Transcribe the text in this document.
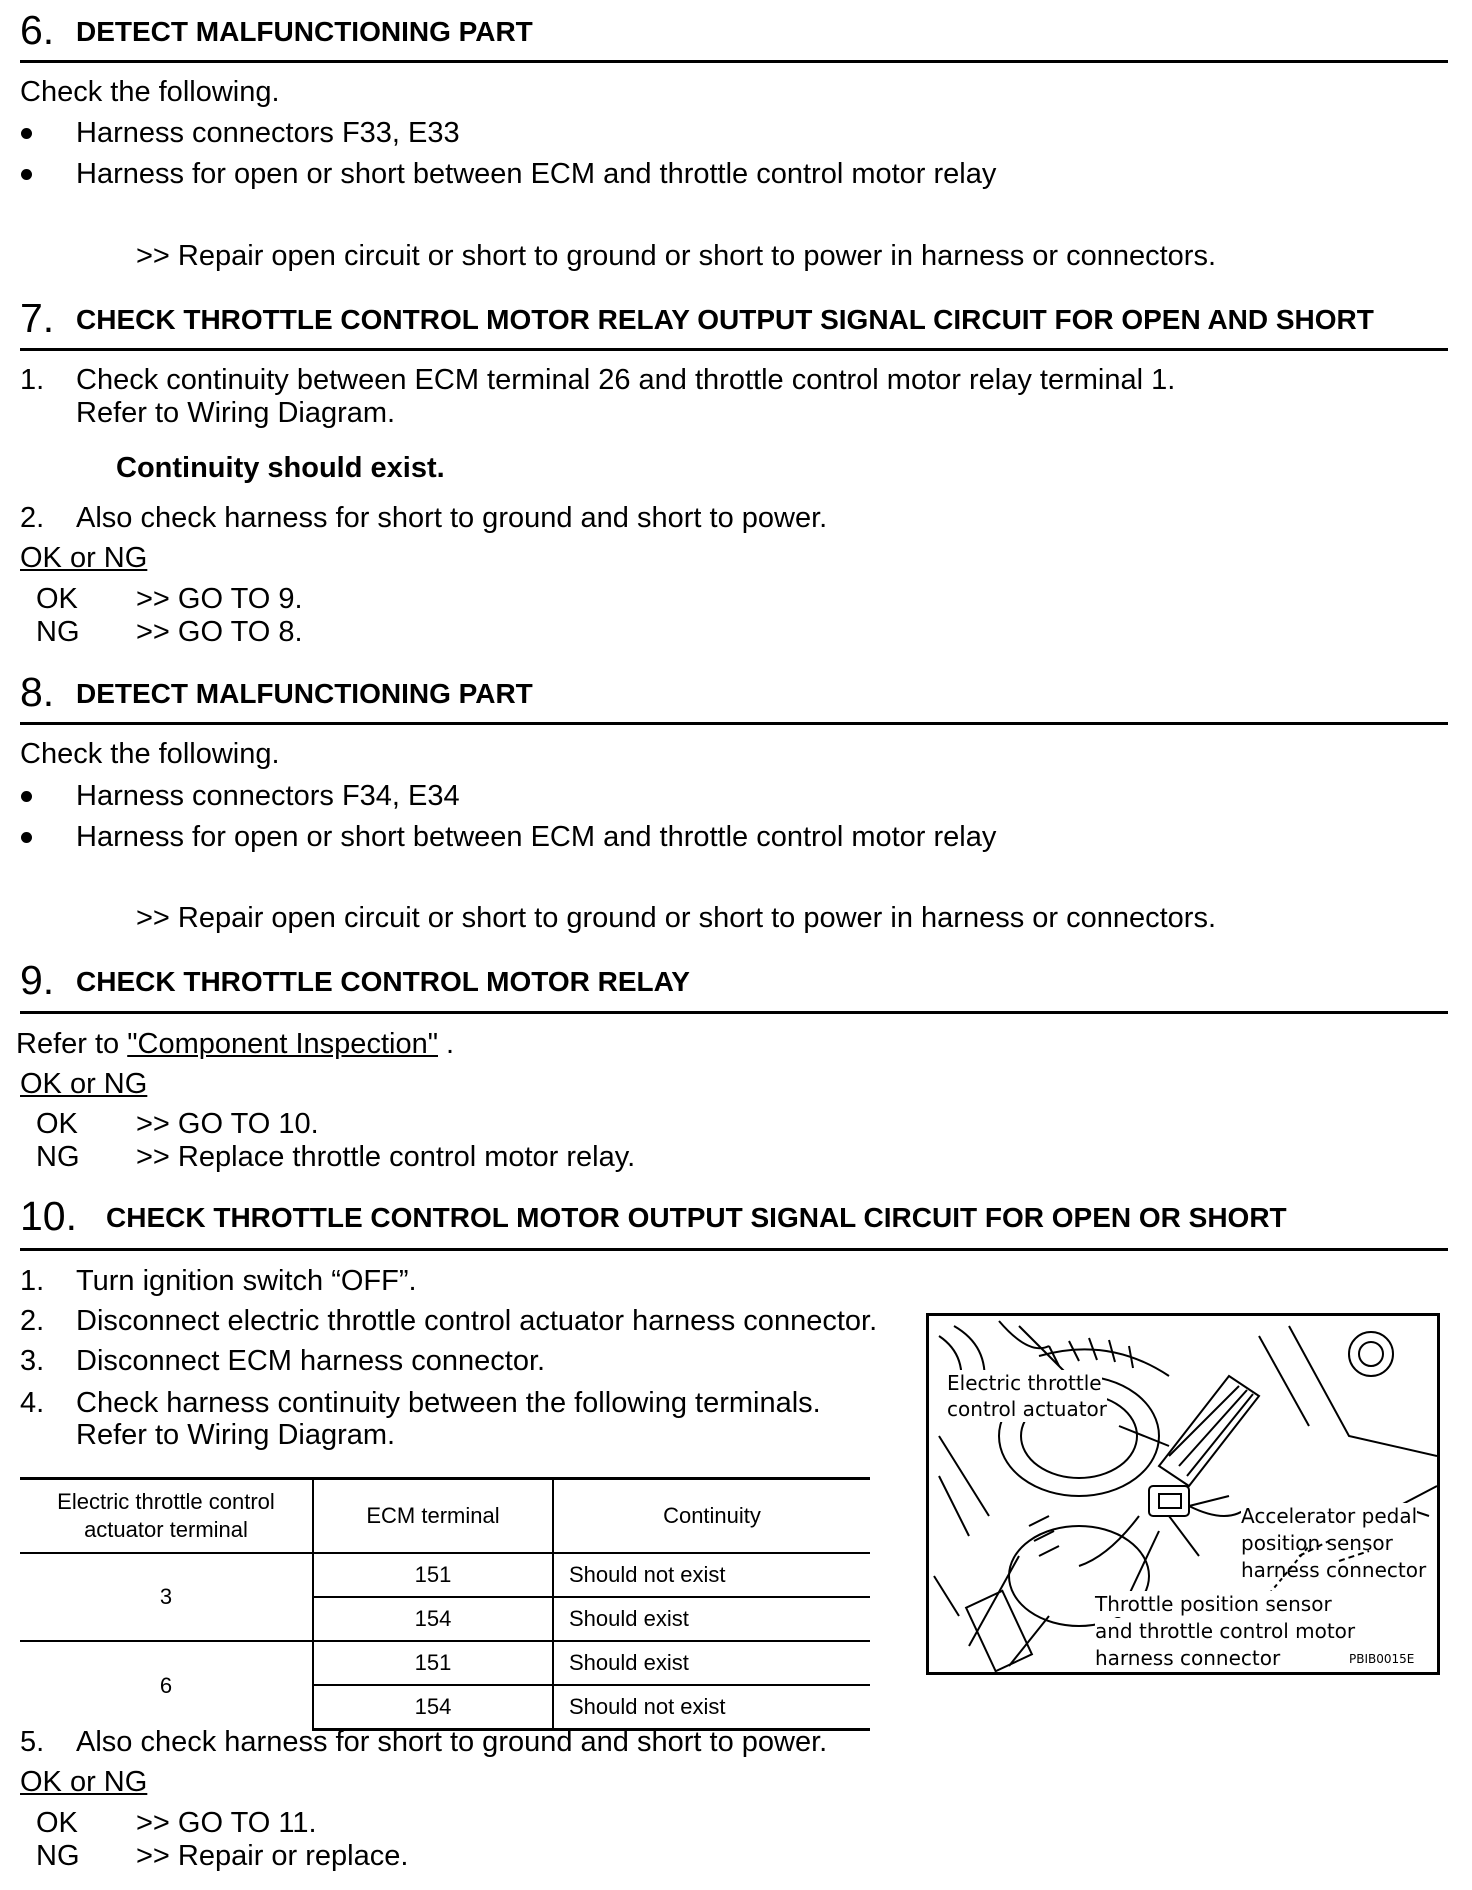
6. DETECT MALFUNCTIONING PART
Check the following.
Harness connectors F33, E33
Harness for open or short between ECM and throttle control motor relay
>> Repair open circuit or short to ground or short to power in harness or connectors.
7. CHECK THROTTLE CONTROL MOTOR RELAY OUTPUT SIGNAL CIRCUIT FOR OPEN AND SHORT
1. Check continuity between ECM terminal 26 and throttle control motor relay terminal 1.
Refer to Wiring Diagram.
Continuity should exist.
2. Also check harness for short to ground and short to power.
OK or NG
OK >> GO TO 9.
NG >> GO TO 8.
8. DETECT MALFUNCTIONING PART
Check the following.
Harness connectors F34, E34
Harness for open or short between ECM and throttle control motor relay
>> Repair open circuit or short to ground or short to power in harness or connectors.
9. CHECK THROTTLE CONTROL MOTOR RELAY
Refer to "Component Inspection" .
OK or NG
OK >> GO TO 10.
NG >> Replace throttle control motor relay.
10. CHECK THROTTLE CONTROL MOTOR OUTPUT SIGNAL CIRCUIT FOR OPEN OR SHORT
1. Turn ignition switch “OFF”.
2. Disconnect electric throttle control actuator harness connector.
3. Disconnect ECM harness connector.
4. Check harness continuity between the following terminals.
Refer to Wiring Diagram.
Electric throttle control actuator terminal	ECM terminal	Continuity
3	151	Should not exist
	154	Should exist
6	151	Should exist
	154	Should not exist
5. Also check harness for short to ground and short to power.
OK or NG
OK >> GO TO 11.
NG >> Repair or replace.
Electric throttle
control actuator
Accelerator pedal
position sensor
harness connector
Throttle position sensor
and throttle control motor
harness connector	PBIB0015E
